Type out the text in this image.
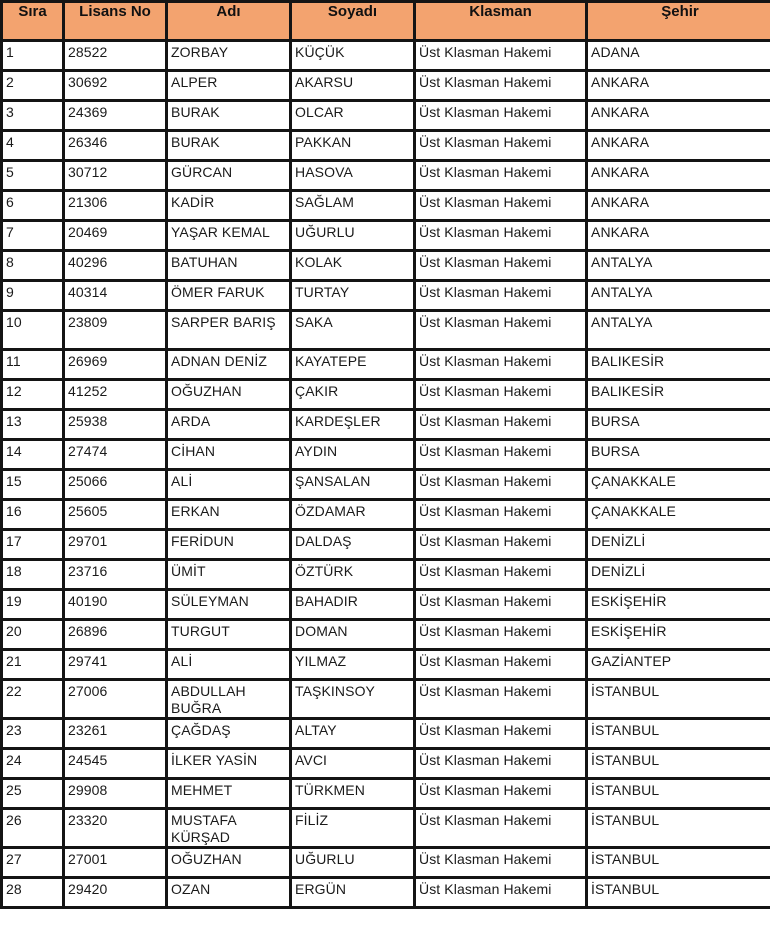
Sıra	Lisans No	Adı	Soyadı	Klasman	Şehir
1	28522	ZORBAY	KÜÇÜK	Üst Klasman Hakemi	ADANA
2	30692	ALPER	AKARSU	Üst Klasman Hakemi	ANKARA
3	24369	BURAK	OLCAR	Üst Klasman Hakemi	ANKARA
4	26346	BURAK	PAKKAN	Üst Klasman Hakemi	ANKARA
5	30712	GÜRCAN	HASOVA	Üst Klasman Hakemi	ANKARA
6	21306	KADİR	SAĞLAM	Üst Klasman Hakemi	ANKARA
7	20469	YAŞAR KEMAL	UĞURLU	Üst Klasman Hakemi	ANKARA
8	40296	BATUHAN	KOLAK	Üst Klasman Hakemi	ANTALYA
9	40314	ÖMER FARUK	TURTAY	Üst Klasman Hakemi	ANTALYA
10	23809	SARPER BARIŞ	SAKA	Üst Klasman Hakemi	ANTALYA
11	26969	ADNAN DENİZ	KAYATEPE	Üst Klasman Hakemi	BALIKESİR
12	41252	OĞUZHAN	ÇAKIR	Üst Klasman Hakemi	BALIKESİR
13	25938	ARDA	KARDEŞLER	Üst Klasman Hakemi	BURSA
14	27474	CİHAN	AYDIN	Üst Klasman Hakemi	BURSA
15	25066	ALİ	ŞANSALAN	Üst Klasman Hakemi	ÇANAKKALE
16	25605	ERKAN	ÖZDAMAR	Üst Klasman Hakemi	ÇANAKKALE
17	29701	FERİDUN	DALDAŞ	Üst Klasman Hakemi	DENİZLİ
18	23716	ÜMİT	ÖZTÜRK	Üst Klasman Hakemi	DENİZLİ
19	40190	SÜLEYMAN	BAHADIR	Üst Klasman Hakemi	ESKİŞEHİR
20	26896	TURGUT	DOMAN	Üst Klasman Hakemi	ESKİŞEHİR
21	29741	ALİ	YILMAZ	Üst Klasman Hakemi	GAZİANTEP
22	27006	ABDULLAH BUĞRA	TAŞKINSOY	Üst Klasman Hakemi	İSTANBUL
23	23261	ÇAĞDAŞ	ALTAY	Üst Klasman Hakemi	İSTANBUL
24	24545	İLKER YASİN	AVCI	Üst Klasman Hakemi	İSTANBUL
25	29908	MEHMET	TÜRKMEN	Üst Klasman Hakemi	İSTANBUL
26	23320	MUSTAFA KÜRŞAD	FİLİZ	Üst Klasman Hakemi	İSTANBUL
27	27001	OĞUZHAN	UĞURLU	Üst Klasman Hakemi	İSTANBUL
28	29420	OZAN	ERGÜN	Üst Klasman Hakemi	İSTANBUL
